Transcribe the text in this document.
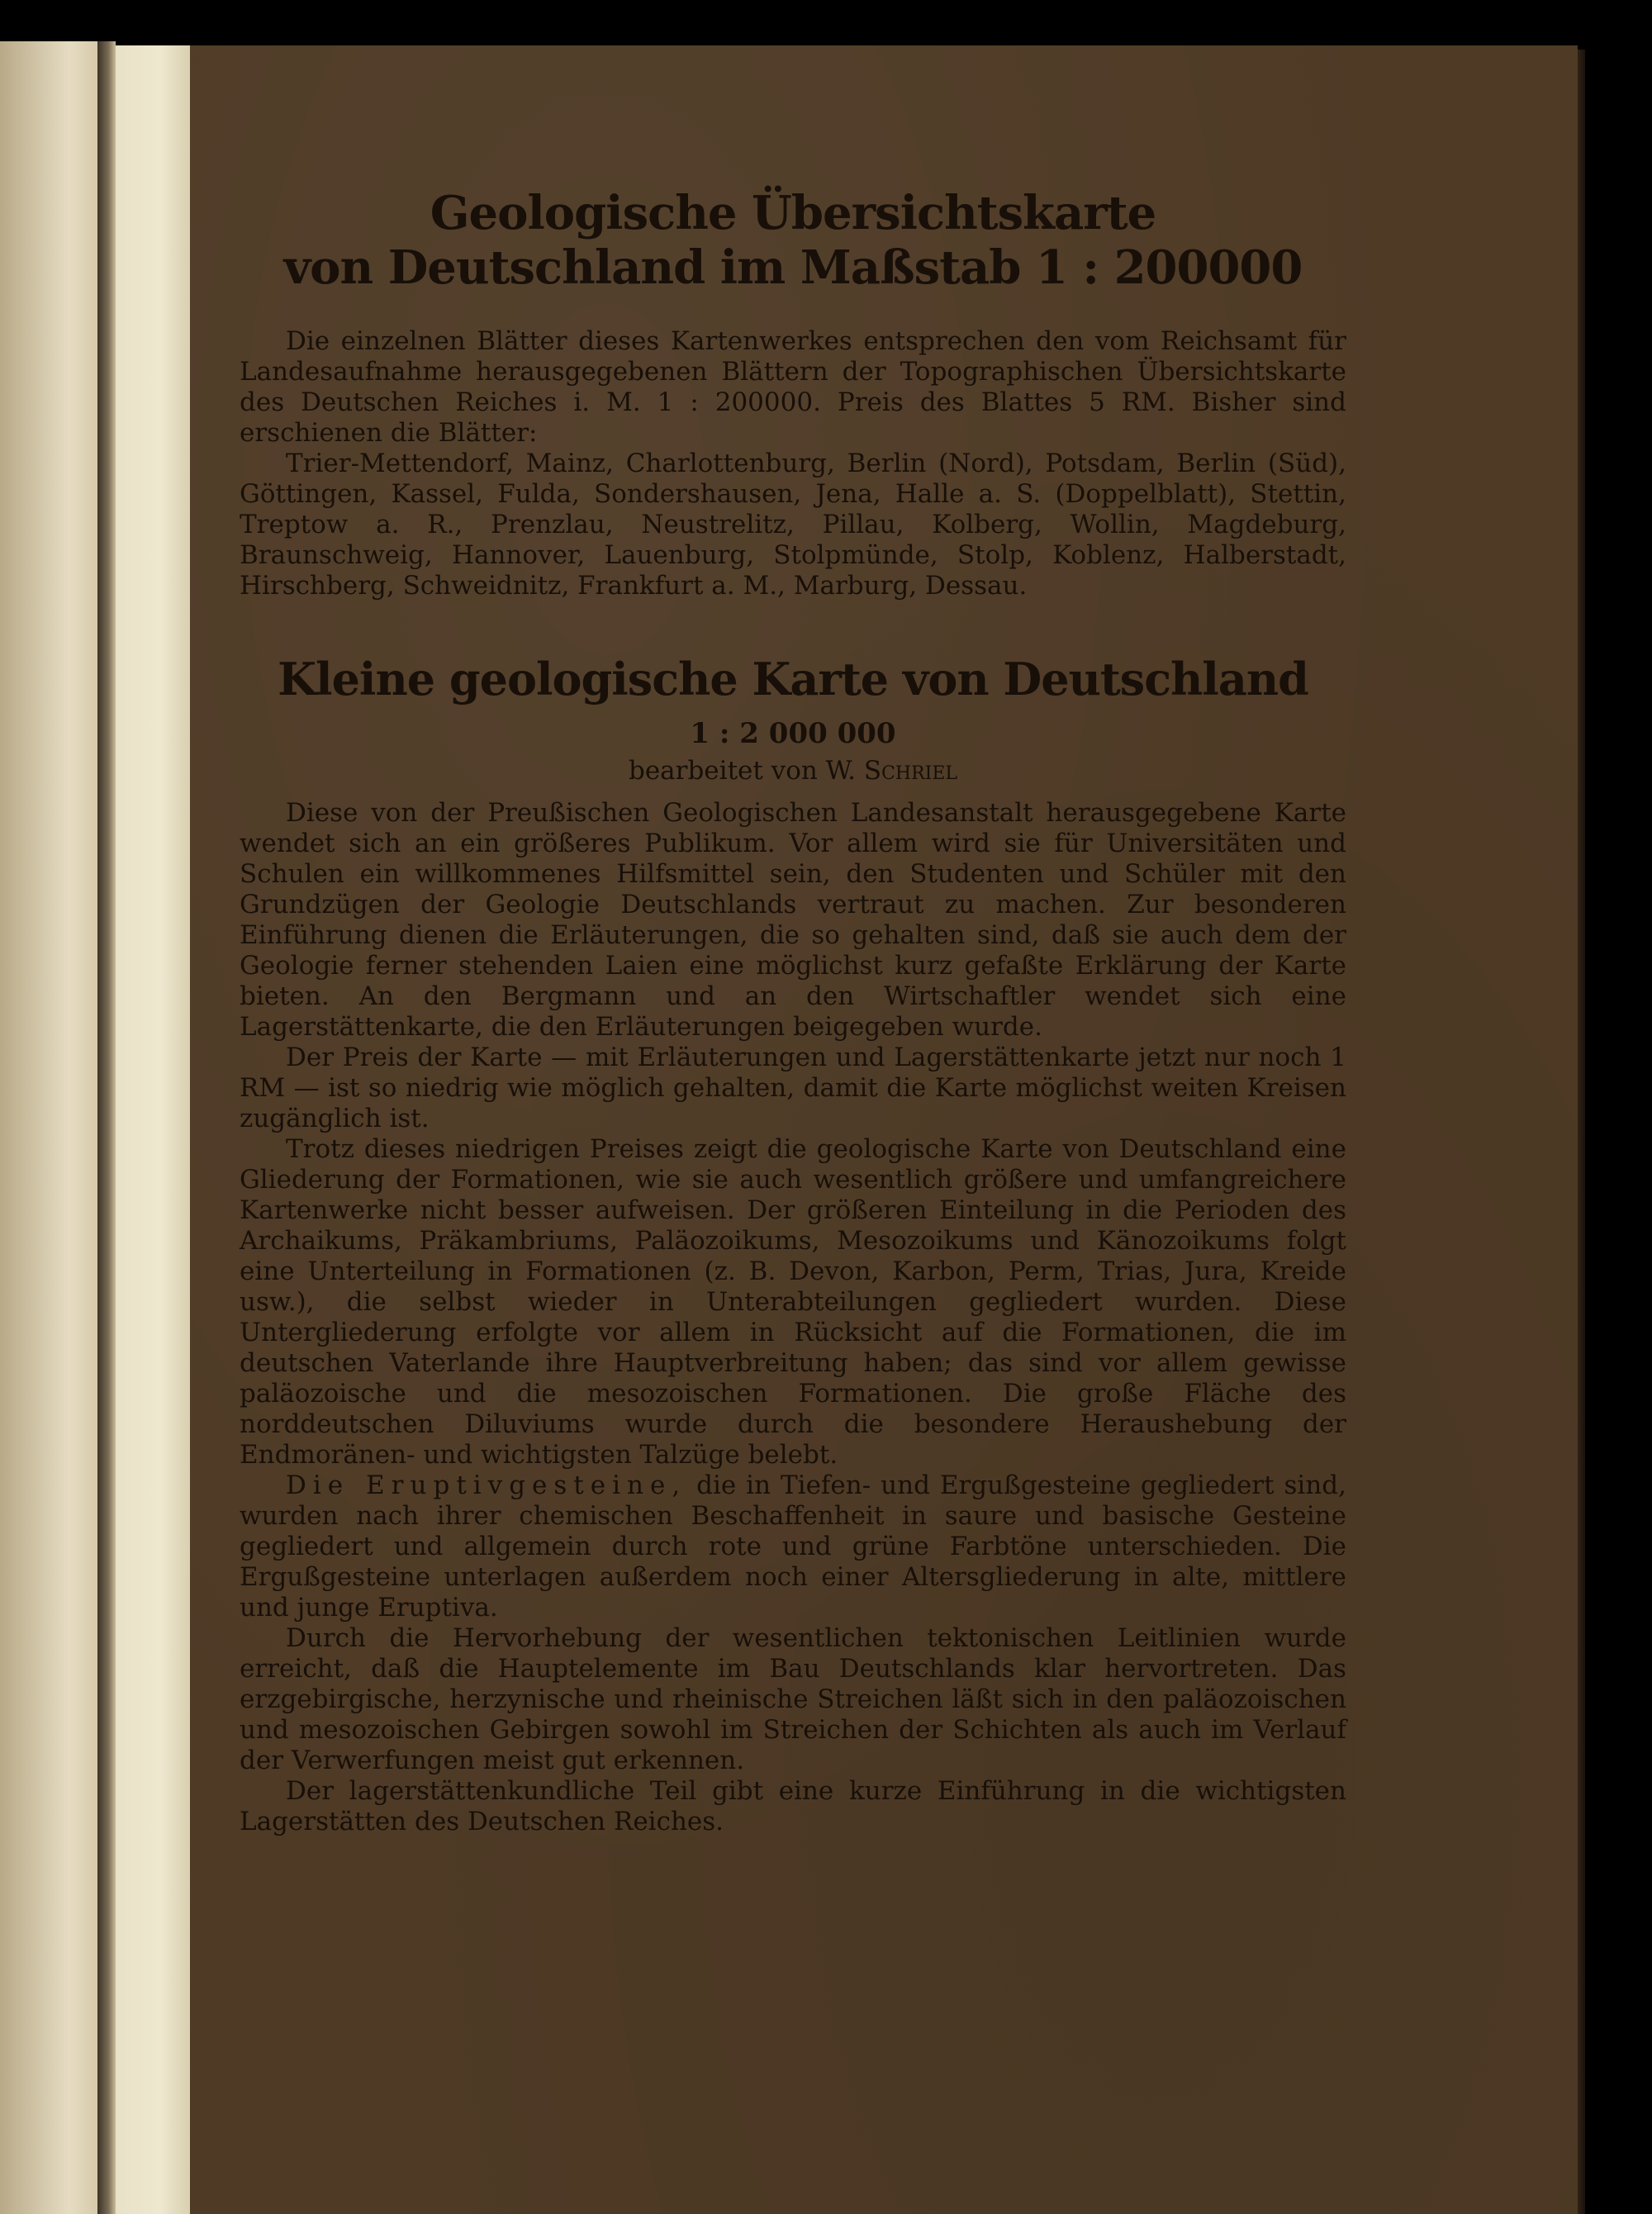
Geologische Übersichtskarte
von Deutschland im Maßstab 1 : 200000
Die einzelnen Blätter dieses Kartenwerkes entsprechen den vom Reichsamt für Landesaufnahme herausgegebenen Blättern der Topographischen Übersichtskarte des Deutschen Reiches i. M. 1 : 200000. Preis des Blattes 5 RM. Bisher sind erschienen die Blätter:
Trier-Mettendorf, Mainz, Charlottenburg, Berlin (Nord), Potsdam, Berlin (Süd), Göttingen, Kassel, Fulda, Sondershausen, Jena, Halle a. S. (Doppelblatt), Stettin, Treptow a. R., Prenzlau, Neustrelitz, Pillau, Kolberg, Wollin, Magdeburg, Braunschweig, Hannover, Lauenburg, Stolpmünde, Stolp, Koblenz, Halberstadt, Hirschberg, Schweidnitz, Frankfurt a. M., Marburg, Dessau.
Kleine geologische Karte von Deutschland
1 : 2 000 000
bearbeitet von W. Schriel

Diese von der Preußischen Geologischen Landesanstalt herausgegebene Karte wendet sich an ein größeres Publikum. Vor allem wird sie für Universitäten und Schulen ein willkommenes Hilfsmittel sein, den Studenten und Schüler mit den Grundzügen der Geologie Deutschlands vertraut zu machen. Zur besonderen Einführung dienen die Erläuterungen, die so gehalten sind, daß sie auch dem der Geologie ferner stehenden Laien eine möglichst kurz gefaßte Erklärung der Karte bieten. An den Bergmann und an den Wirtschaftler wendet sich eine Lagerstättenkarte, die den Erläuterungen beigegeben wurde.

Der Preis der Karte — mit Erläuterungen und Lagerstättenkarte jetzt nur noch 1 RM — ist so niedrig wie möglich gehalten, damit die Karte möglichst weiten Kreisen zugänglich ist.

Trotz dieses niedrigen Preises zeigt die geologische Karte von Deutschland eine Gliederung der Formationen, wie sie auch wesentlich größere und umfangreichere Kartenwerke nicht besser aufweisen. Der größeren Einteilung in die Perioden des Archaikums, Präkambriums, Paläozoikums, Mesozoikums und Känozoikums folgt eine Unterteilung in Formationen (z. B. Devon, Karbon, Perm, Trias, Jura, Kreide usw.), die selbst wieder in Unterabteilungen gegliedert wurden. Diese Untergliederung erfolgte vor allem in Rücksicht auf die Formationen, die im deutschen Vaterlande ihre Hauptverbreitung haben; das sind vor allem gewisse paläozoische und die mesozoischen Formationen. Die große Fläche des norddeutschen Diluviums wurde durch die besondere Heraushebung der Endmoränen- und wichtigsten Talzüge belebt.

Die Eruptivgesteine, die in Tiefen- und Ergußgesteine gegliedert sind, wurden nach ihrer chemischen Beschaffenheit in saure und basische Gesteine gegliedert und allgemein durch rote und grüne Farbtöne unterschieden. Die Ergußgesteine unterlagen außerdem noch einer Altersgliederung in alte, mittlere und junge Eruptiva.

Durch die Hervorhebung der wesentlichen tektonischen Leitlinien wurde erreicht, daß die Hauptelemente im Bau Deutschlands klar hervortreten. Das erzgebirgische, herzynische und rheinische Streichen läßt sich in den paläozoischen und mesozoischen Gebirgen sowohl im Streichen der Schichten als auch im Verlauf der Verwerfungen meist gut erkennen.

Der lagerstättenkundliche Teil gibt eine kurze Einführung in die wichtigsten Lagerstätten des Deutschen Reiches.
